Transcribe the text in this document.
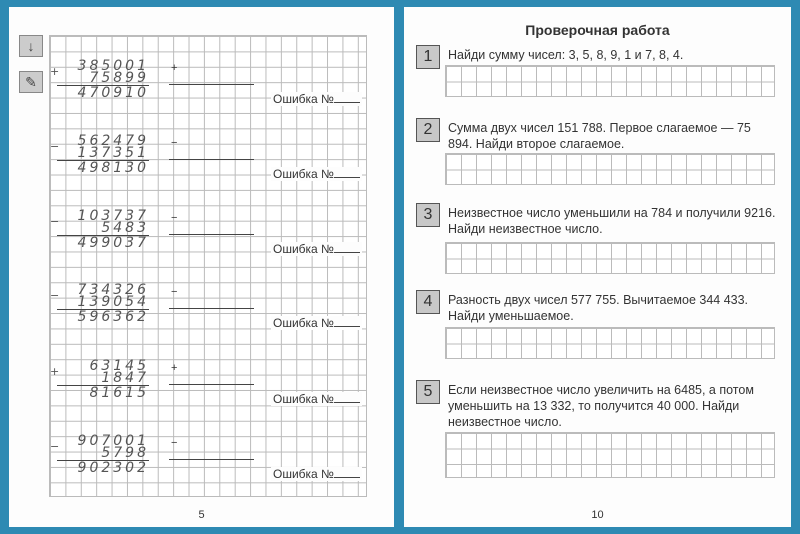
↓
✎
+	385001
75899
470910
+
Ошибка №
−	562479
137351
498130
−
Ошибка №
−	103737
5483
499037
−
Ошибка №
−	734326
139054
596362
−
Ошибка №
+	63145
1847
81615
+
Ошибка №
−	907001
5798
902302
−
Ошибка №
5
Проверочная работа
1	Найди сумму чисел: 3, 5, 8, 9, 1 и 7, 8, 4.
2	Сумма двух чисел 151 788. Первое слагаемое — 75 894. Найди второе слагаемое.
3	Неизвестное число уменьшили на 784 и получили 9216. Найди неизвестное число.
4	Разность двух чисел 577 755. Вычитаемое 344 433. Найди уменьшаемое.
5	Если неизвестное число увеличить на 6485, а потом уменьшить на 13 332, то получится 40 000. Найди неизвестное число.
10
